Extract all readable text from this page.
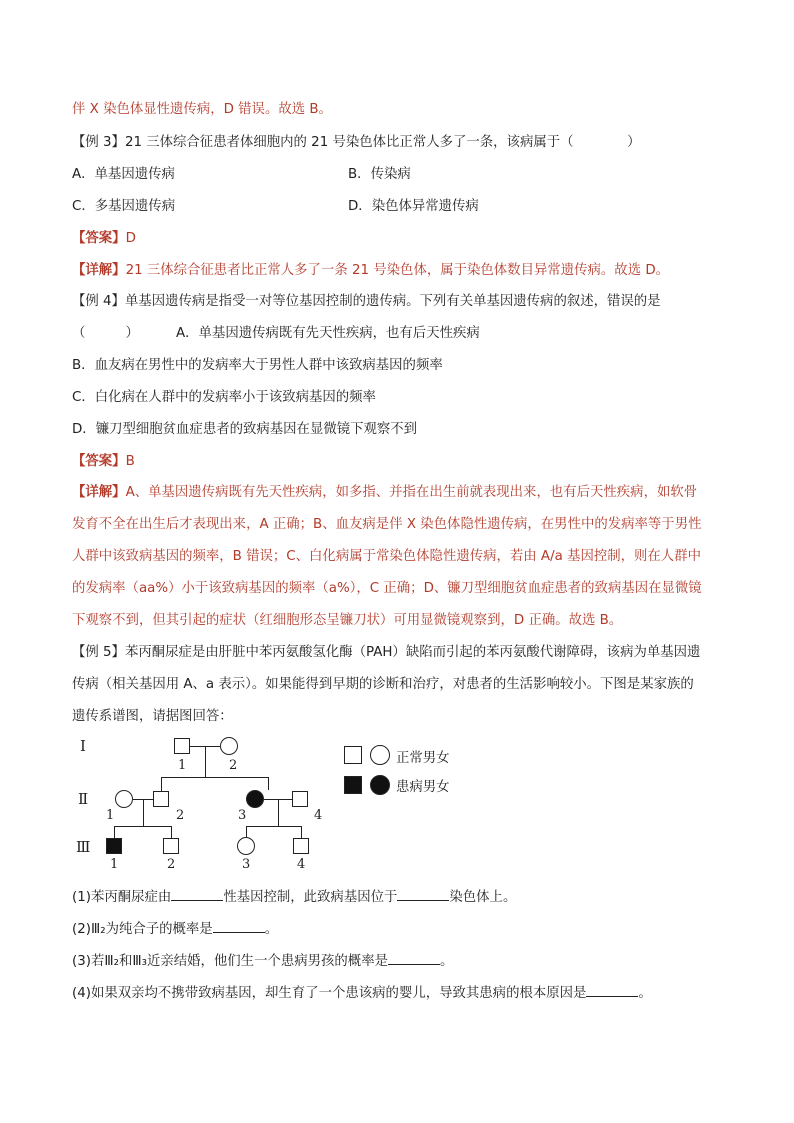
伴 X 染色体显性遗传病，D 错误。故选 B。
【例 3】21 三体综合征患者体细胞内的 21 号染色体比正常人多了一条，该病属于（　　　　）
A．单基因遗传病	B．传染病
C．多基因遗传病	D．染色体异常遗传病
【答案】D
【详解】21 三体综合征患者比正常人多了一条 21 号染色体，属于染色体数目异常遗传病。故选 D。
【例 4】单基因遗传病是指受一对等位基因控制的遗传病。下列有关单基因遗传病的叙述，错误的是
（　　　）	A．单基因遗传病既有先天性疾病，也有后天性疾病
B．血友病在男性中的发病率大于男性人群中该致病基因的频率
C．白化病在人群中的发病率小于该致病基因的频率
D．镰刀型细胞贫血症患者的致病基因在显微镜下观察不到
【答案】B
【详解】A、单基因遗传病既有先天性疾病，如多指、并指在出生前就表现出来，也有后天性疾病，如软骨
发育不全在出生后才表现出来，A 正确；B、血友病是伴 X 染色体隐性遗传病，在男性中的发病率等于男性
人群中该致病基因的频率，B 错误；C、白化病属于常染色体隐性遗传病，若由 A/a 基因控制，则在人群中
的发病率（aa%）小于该致病基因的频率（a%），C 正确；D、镰刀型细胞贫血症患者的致病基因在显微镜
下观察不到，但其引起的症状（红细胞形态呈镰刀状）可用显微镜观察到，D 正确。故选 B。
【例 5】苯丙酮尿症是由肝脏中苯丙氨酸氢化酶（PAH）缺陷而引起的苯丙氨酸代谢障碍，该病为单基因遗
传病（相关基因用 A、a 表示）。如果能得到早期的诊断和治疗，对患者的生活影响较小。下图是某家族的
遗传系谱图，请据图回答：
Ⅰ
Ⅱ
Ⅲ
1	2
1	2	3	4
1	2	3	4
正常男女
患病男女
(1)苯丙酮尿症由	性基因控制，此致病基因位于	染色体上。
(2)Ⅲ₂为纯合子的概率是	。
(3)若Ⅲ₂和Ⅲ₃近亲结婚，他们生一个患病男孩的概率是	。
(4)如果双亲均不携带致病基因，却生育了一个患该病的婴儿，导致其患病的根本原因是	。
